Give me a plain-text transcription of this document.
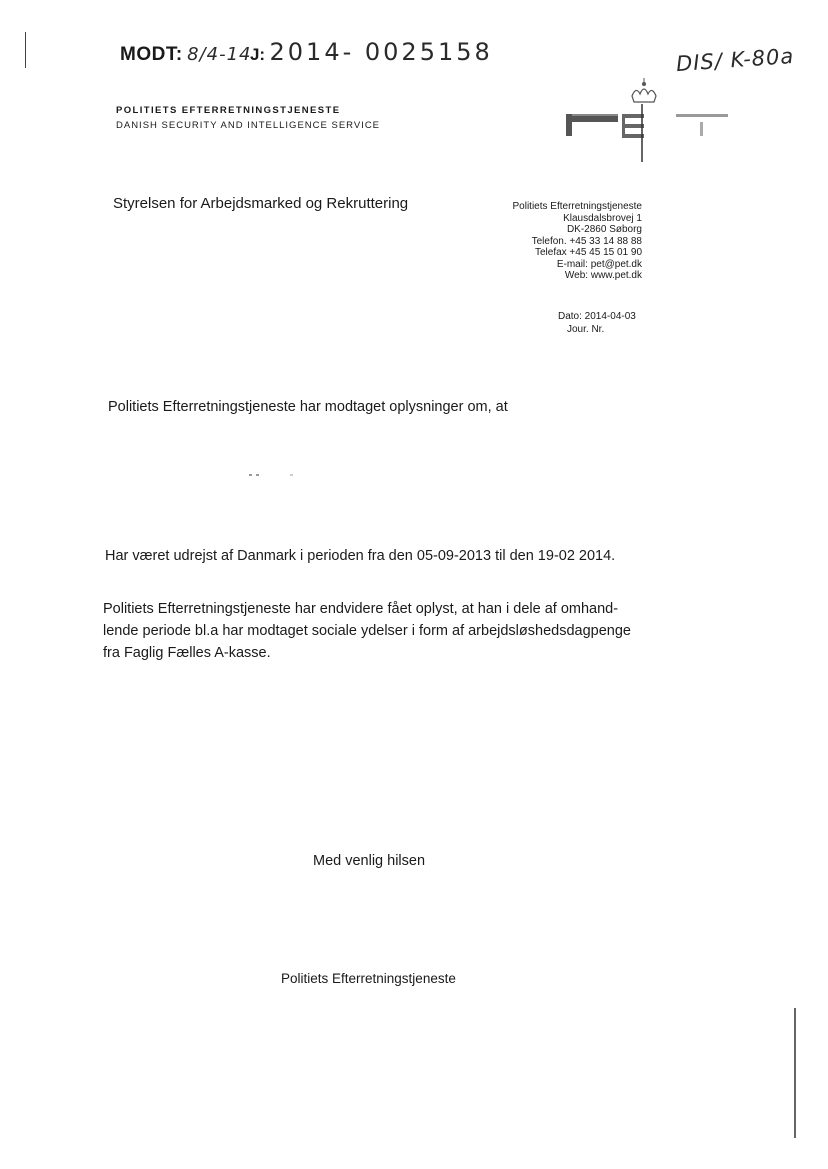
MODT: 8/4-14 J: 2014- 0025158	DIS/ K-80a
POLITIETS EFTERRETNINGSTJENESTE
DANISH SECURITY AND INTELLIGENCE SERVICE
Styrelsen for Arbejdsmarked og Rekruttering	Politiets Efterretningstjeneste
Klausdalsbrovej 1
DK-2860 Søborg
Telefon. +45 33 14 88 88
Telefax +45 45 15 01 90
E-mail: pet@pet.dk
Web: www.pet.dk
Dato: 2014-04-03
Jour. Nr.
Politiets Efterretningstjeneste har modtaget oplysninger om, at
Har været udrejst af Danmark i perioden fra den 05-09-2013 til den 19-02 2014.
Politiets Efterretningstjeneste har endvidere fået oplyst, at han i dele af omhand-
lende periode bl.a har modtaget sociale ydelser i form af arbejdsløshedsdagpenge
fra Faglig Fælles A-kasse.
Med venlig hilsen
Politiets Efterretningstjeneste
